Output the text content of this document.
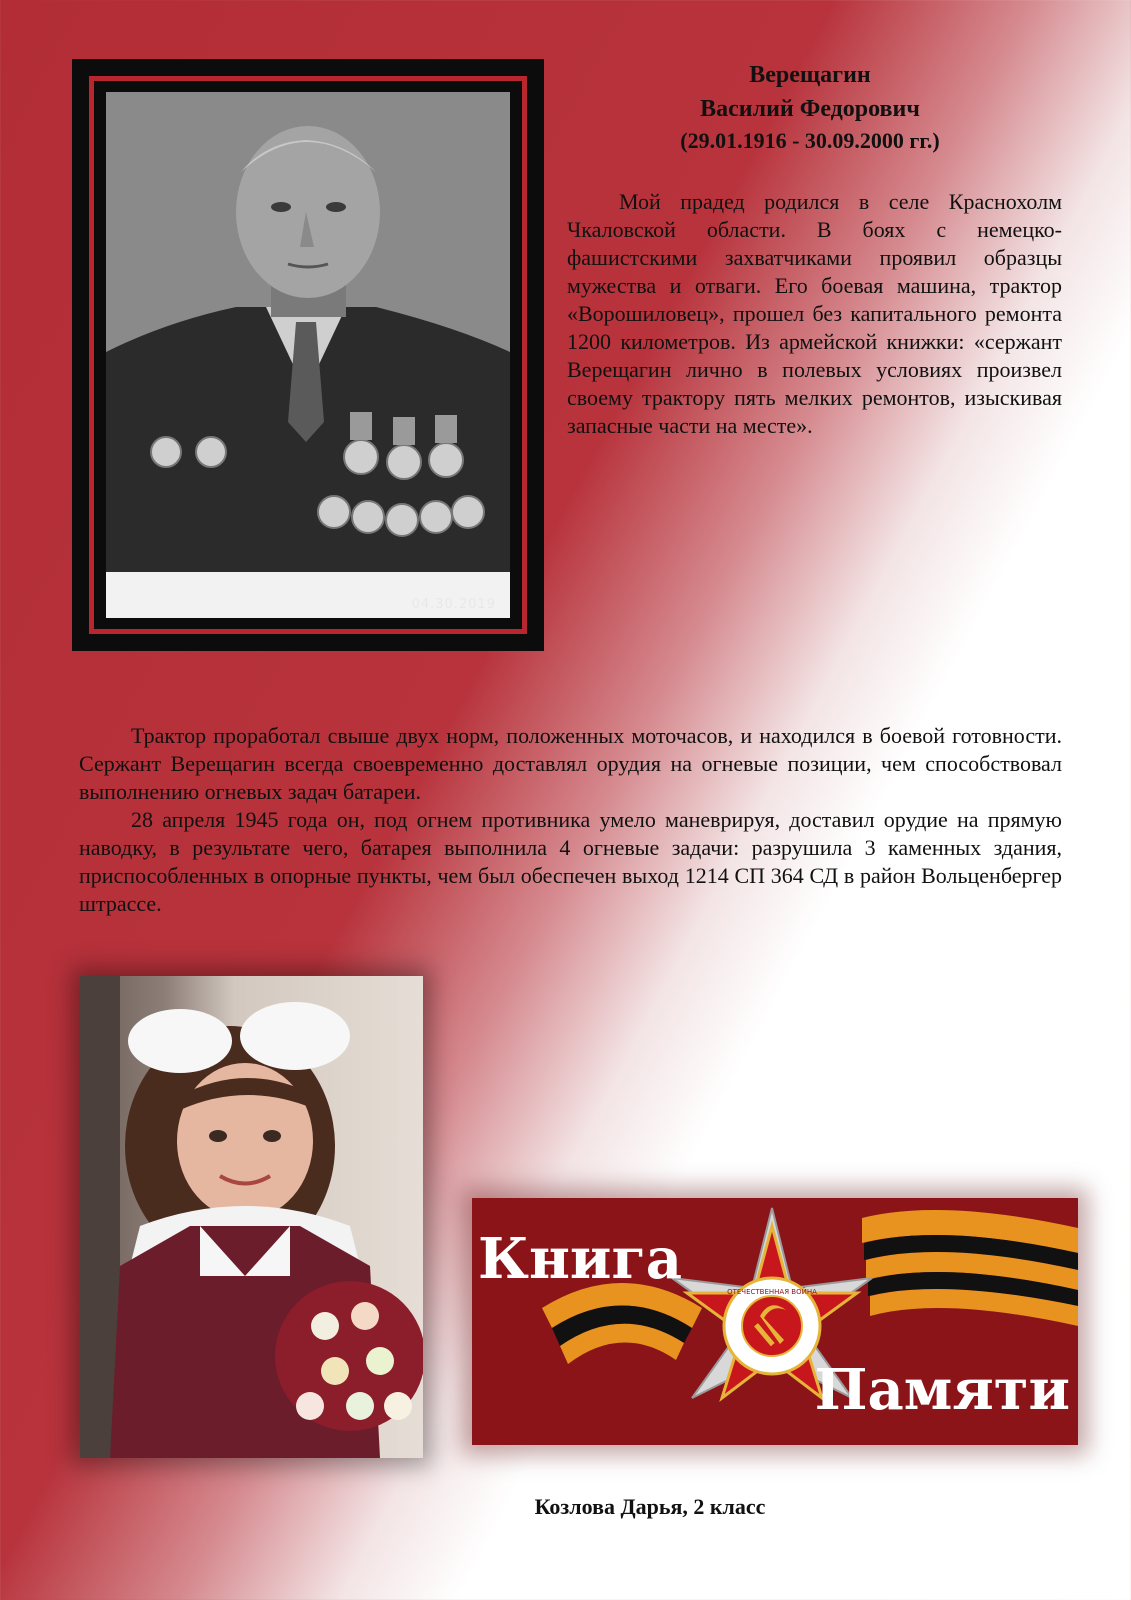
04.30.2019
Верещагин
Василий Федорович
(29.01.1916 - 30.09.2000 гг.)

Мой прадед родился в селе Краснохолм Чкаловской области. В боях с немецко-фашистскими захватчиками проявил образцы мужества и отваги. Его боевая машина, трактор «Ворошиловец», прошел без капитального ремонта 1200 километров. Из армейской книжки: «сержант Верещагин лично в полевых условиях произвел своему трактору пять мелких ремонтов, изыскивая запасные части на месте».

Трактор проработал свыше двух норм, положенных моточасов, и находился в боевой готовности. Сержант Верещагин всегда своевременно доставлял орудия на огневые позиции, чем способствовал выполнению огневых задач батареи.

28 апреля 1945 года он, под огнем противника умело маневрируя, доставил орудие на прямую наводку, в результате чего, батарея выполнила 4 огневые задачи: разрушила 3 каменных здания, приспособленных в опорные пункты, чем был обеспечен выход 1214 СП 364 СД в район Вольценбергер штрассе.

ОТЕЧЕСТВЕННАЯ ВОЙНА
Книга
Памяти
Козлова Дарья, 2 класс
